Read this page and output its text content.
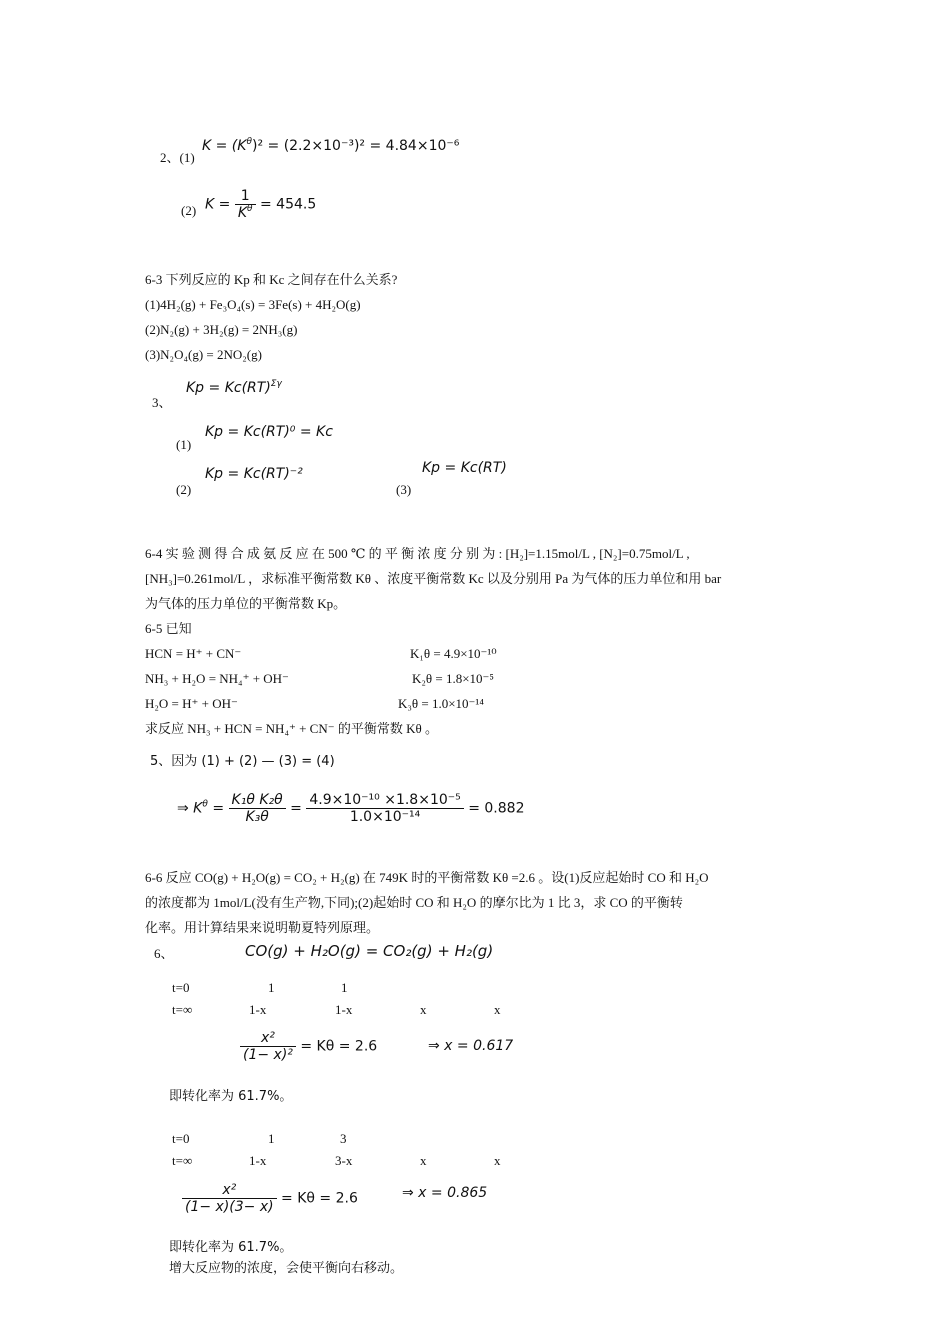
2、(1)
$K = (K^\theta)^2 = (2.2\times 10^{-3})^2 = 4.84\times 10^{-6}$
(2) $K = \frac{1}{K^\theta} = 454.5$
6-3 下列反应的 Kp 和 Kc 之间存在什么关系?
(1)4H₂(g) + Fe₃O₄(s) = 3Fe(s) + 4H₂O(g)
(2)N₂(g) + 3H₂(g) = 2NH₃(g)
(3)N₂O₄(g) = 2NO₂(g)
3、
Kp = Kc(RT)$^{\Sigma\gamma}$
(1)
Kp = Kc(RT)⁰ = Kc
(2)
Kp = Kc(RT)⁻²
(3)
Kp = Kc(RT)
6-4 实 验 测 得 合 成 氨 反 应 在 500 ℃ 的 平 衡 浓 度 分 别 为 : [H₂]=1.15mol/L , [N₂]=0.75mol/L ,
[NH₃]=0.261mol/L ，求标准平衡常数 Kθ 、浓度平衡常数 Kc 以及分别用 Pa 为气体的压力单位和用 bar
为气体的压力单位的平衡常数 Kp。
6-5 已知
HCN = H⁺ + CN⁻	K₁θ = 4.9×10⁻¹⁰
NH₃ + H₂O = NH₄⁺ + OH⁻	K₂θ = 1.8×10⁻⁵
H₂O = H⁺ + OH⁻	K₃θ = 1.0×10⁻¹⁴
求反应 NH₃ + HCN = NH₄⁺ + CN⁻ 的平衡常数 Kθ 。
5、因为 (1) + (2) — (3) = (4)
⇒ $K^\theta = \frac{\text{K₁θ K₂θ}}{\text{K₃θ}} = \frac{\text{4.9×10⁻¹⁰ ×1.8×10⁻⁵}}{\text{1.0×10⁻¹⁴}} = 0.882$
6-6 反应 CO(g) + H₂O(g) = CO₂ + H₂(g) 在 749K 时的平衡常数 Kθ =2.6 。设(1)反应起始时 CO 和 H₂O
的浓度都为 1mol/L(没有生产物,下同);(2)起始时 CO 和 H₂O 的摩尔比为 1 比 3，求 CO 的平衡转
化率。用计算结果来说明勒夏特列原理。
6、	CO(g) + H₂O(g) = CO₂(g) + H₂(g)
t=0	1	1
t=∞	1-x	1-x	x	x
$\frac{\text{x²}}{\text{(1− x)²}} = K\theta = 2.6$	⇒ x = 0.617
即转化率为 61.7%。
t=0	1	3
t=∞	1-x	3-x	x	x
$\frac{\text{x²}}{(1- x)(3- x)} = K\theta = 2.6$	⇒ x = 0.865
即转化率为 61.7%。
增大反应物的浓度，会使平衡向右移动。
